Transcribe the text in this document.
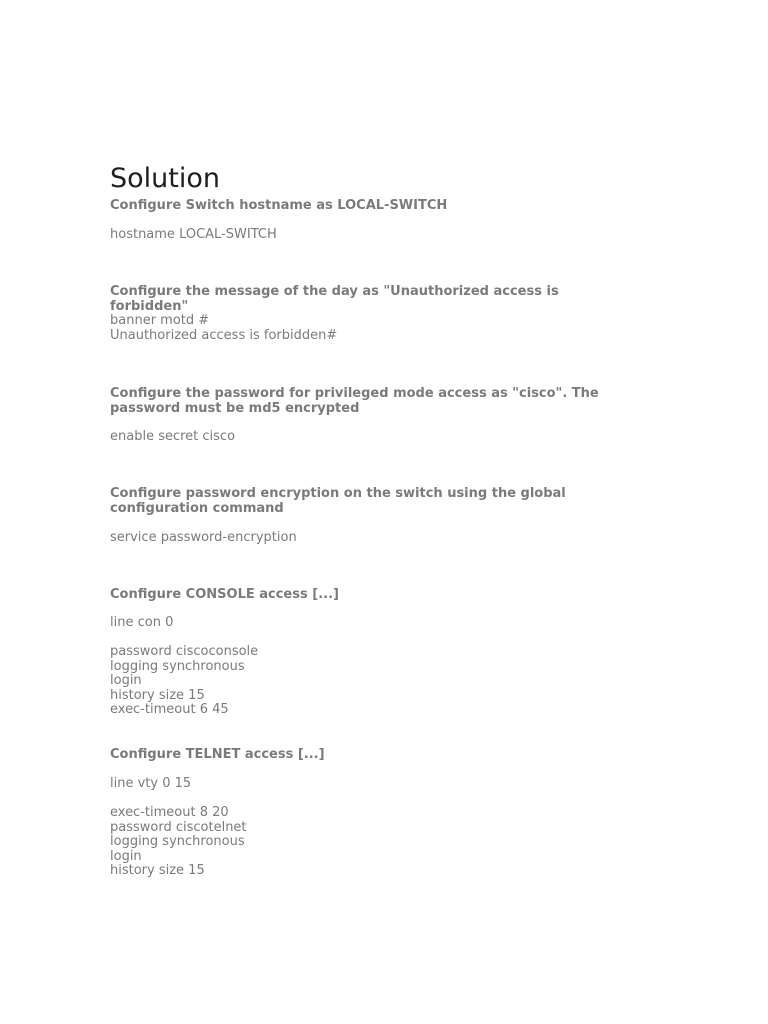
Solution

Configure Switch hostname as LOCAL-SWITCH

hostname LOCAL-SWITCH

Configure the message of the day as "Unauthorized access is

forbidden"

banner motd #

Unauthorized access is forbidden#

Configure the password for privileged mode access as "cisco". The

password must be md5 encrypted

enable secret cisco

Configure password encryption on the switch using the global

configuration command

service password-encryption

Configure CONSOLE access [...]

line con 0

password ciscoconsole

logging synchronous

login

history size 15

exec-timeout 6 45

Configure TELNET access [...]

line vty 0 15

exec-timeout 8 20

password ciscotelnet

logging synchronous

login

history size 15
